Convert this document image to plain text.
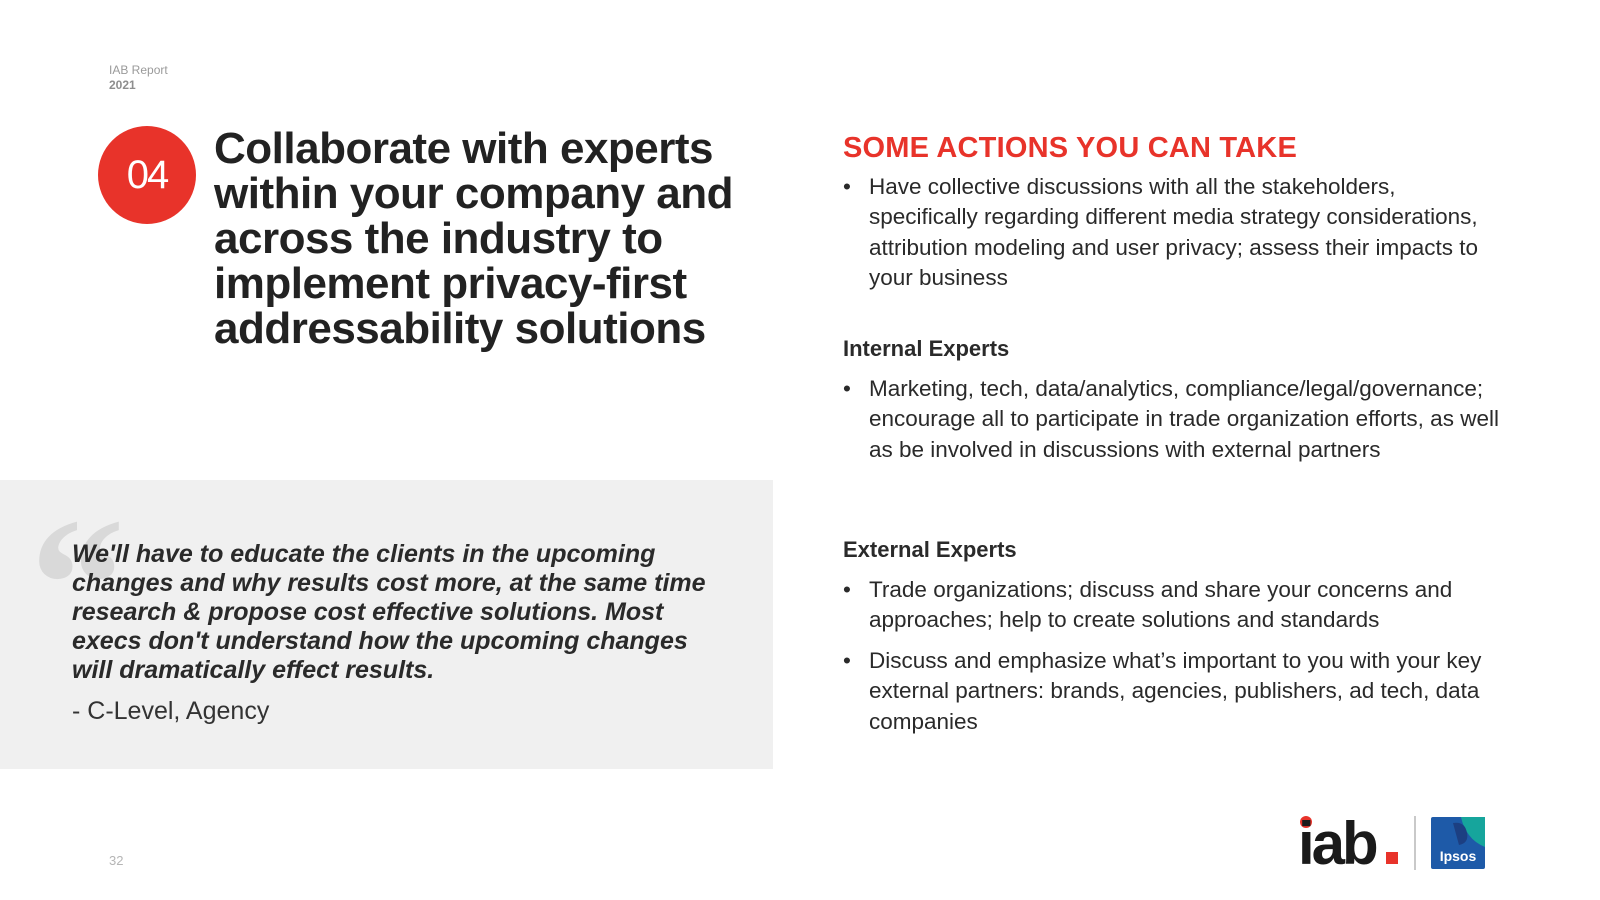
IAB Report
2021
04
Collaborate with experts within your company and across the industry to implement privacy-first addressability solutions
“

We'll have to educate the clients in the upcoming changes and why results cost more, at the same time research & propose cost effective solutions. Most execs don't understand how the upcoming changes will dramatically effect results.

- C-Level, Agency
SOME ACTIONS YOU CAN TAKE
• Have collective discussions with all the stakeholders, specifically regarding different media strategy considerations, attribution modeling and user privacy; assess their impacts to your business
Internal Experts
• Marketing, tech, data/analytics, compliance/legal/governance; encourage all to participate in trade organization efforts, as well as be involved in discussions with external partners
External Experts
• Trade organizations; discuss and share your concerns and approaches; help to create solutions and standards
• Discuss and emphasize what’s important to you with your key external partners: brands, agencies, publishers, ad tech, data companies
32	iab	Ipsos
